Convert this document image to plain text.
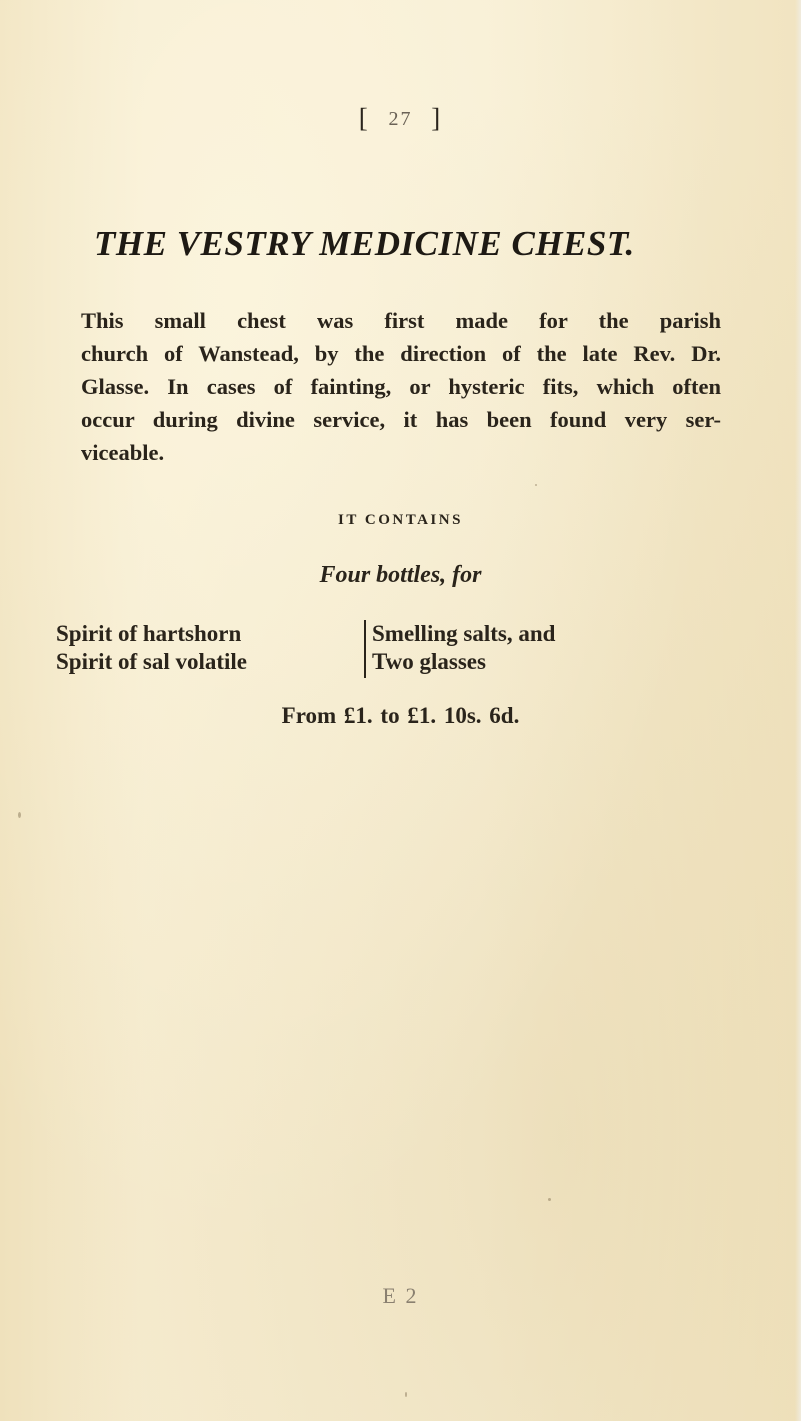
[ 27 ]
THE VESTRY MEDICINE CHEST.
This small chest was first made for the parish
church of Wanstead, by the direction of the late Rev. Dr.
Glasse. In cases of fainting, or hysteric fits, which often
occur during divine service, it has been found very ser-
viceable.
IT CONTAINS
Four bottles, for
Spirit of hartshorn
Spirit of sal volatile
Smelling salts, and
Two glasses
From £1. to £1. 10s. 6d.
E 2
